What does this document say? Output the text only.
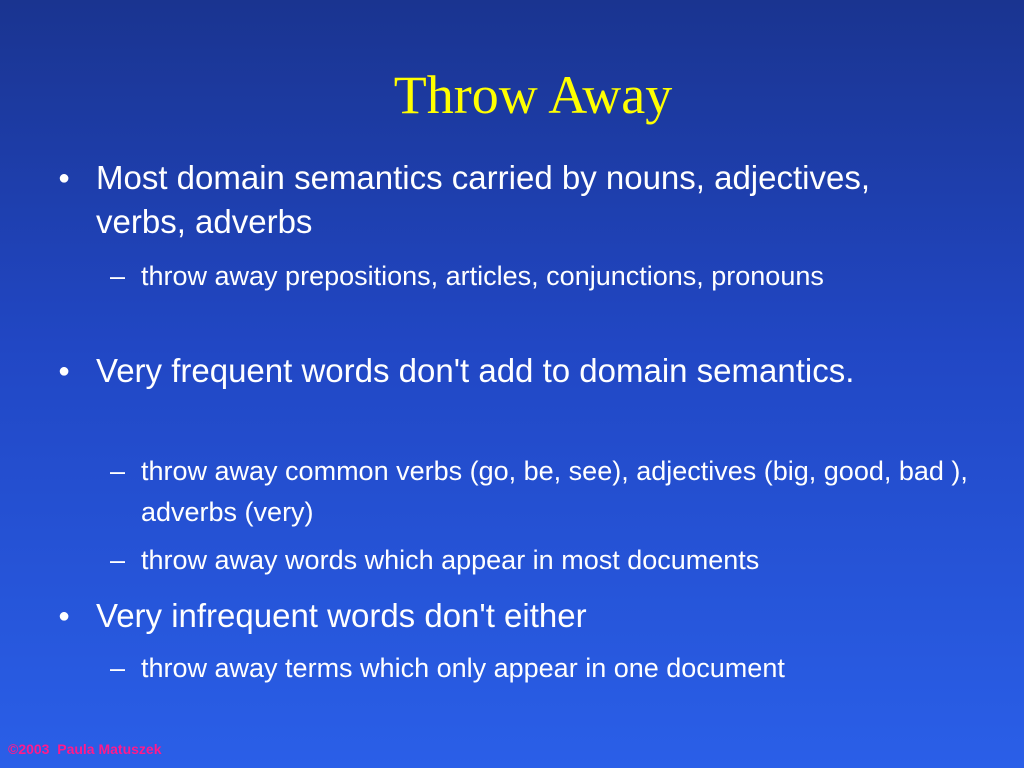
Throw Away
● Most domain semantics carried by nouns, adjectives, verbs, adverbs
– throw away prepositions, articles, conjunctions, pronouns
● Very frequent words don't add to domain semantics.
– throw away common verbs (go, be, see), adjectives (big, good, bad ), adverbs (very)
– throw away words which appear in most documents
● Very infrequent words don't either
– throw away terms which only appear in one document
©2003  Paula Matuszek
